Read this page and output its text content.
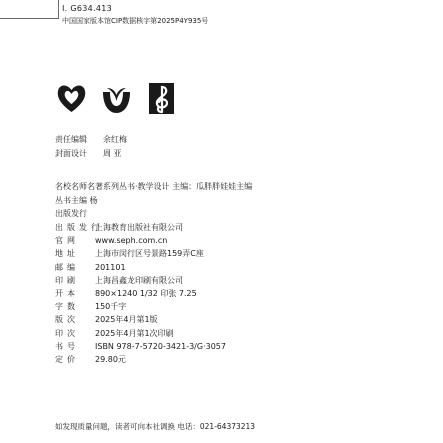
I. G634.413
中国国家版本馆CIP数据核字第2025P4Y935号
责任编辑	余红梅
封面设计	周 亚
名校名师名著系列丛书·教学设计 主编：瓜胖胖娃娃主编
丛书主编 杨
出版发行
出版发行
上海教育出版社有限公司
官网	www.seph.com.cn
地址	上海市闵行区号景路159弄C座
邮编	201101
印刷	上海昌鑫龙印刷有限公司
开本	890×1240 1/32 印张 7.25
字数	150千字
版次	2025年4月第1版
印次	2025年4月第1次印刷
书号	ISBN 978-7-5720-3421-3/G·3057
定价	29.80元
如发现质量问题，读者可向本社调换 电话：021-64373213
